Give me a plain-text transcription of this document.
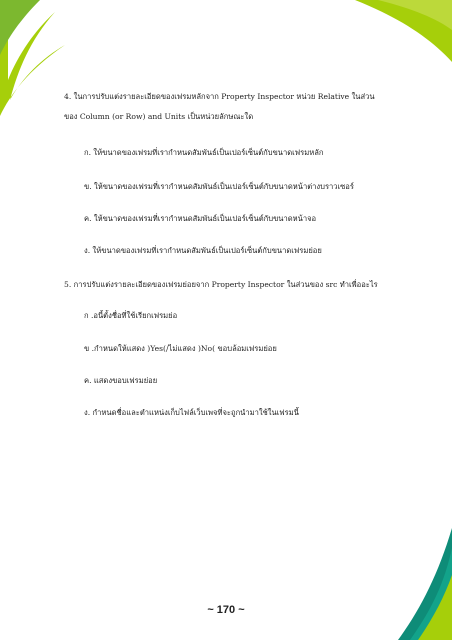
4. ในการปรับแต่งรายละเอียดของเฟรมหลักจาก Property Inspector หน่วย Relative ในส่วน
ของ Column (or Row) and Units เป็นหน่วยลักษณะใด
ก. ให้ขนาดของเฟรมที่เรากำหนดสัมพันธ์เป็นเปอร์เซ็นต์กับขนาดเฟรมหลัก
ข. ให้ขนาดของเฟรมที่เรากำหนดสัมพันธ์เป็นเปอร์เซ็นต์กับขนาดหน้าต่างบราวเซอร์
ค. ให้ขนาดของเฟรมที่เรากำหนดสัมพันธ์เป็นเปอร์เซ็นต์กับขนาดหน้าจอ
ง. ให้ขนาดของเฟรมที่เรากำหนดสัมพันธ์เป็นเปอร์เซ็นต์กับขนาดเฟรมย่อย
5. การปรับแต่งรายละเอียดของเฟรมย่อยจาก Property Inspector ในส่วนของ src ทำเพื่ออะไร
ก .อนี้ตั้งชื่อที่ใช้เรียกเฟรมย่อ
ข .กำหนดให้แสดง )Yes(/ไม่แสดง )No( ขอบล้อมเฟรมย่อย
ค. แสดงขอบเฟรมย่อย
ง. กำหนดชื่อและตำแหน่งเก็บไฟล์เว็บเพจที่จะถูกนำมาใช้ในเฟรมนี้
~ 170 ~
